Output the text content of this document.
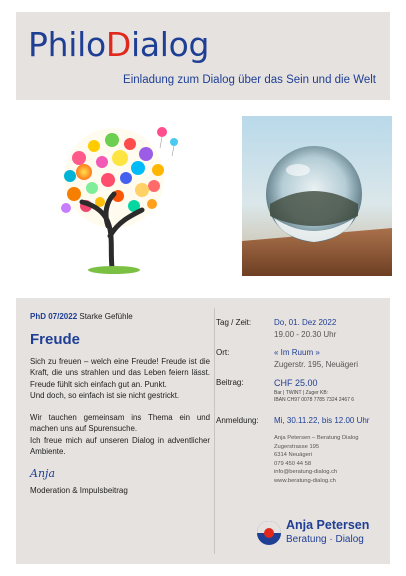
PhiloDialog
Einladung zum Dialog über das Sein und die Welt
PhD 07/2022 Starke Gefühle
Freude

Sich zu freuen – welch eine Freude! Freude ist die Kraft, die uns strahlen und das Leben feiern lässt. Freude fühlt sich einfach gut an. Punkt.

Und doch, so einfach ist sie nicht gestrickt.

Wir tauchen gemeinsam ins Thema ein und machen uns auf Spurensuche.

Ich freue mich auf unseren Dialog in adventlicher Ambiente.

Anja
Moderation & Impulsbeitrag
Tag / Zeit:	Do, 01. Dez 2022
19.00 - 20.30 Uhr
Ort:	« Im Ruum »
Zugerstr. 195, Neuägeri
Beitrag:	CHF 25.00
Bar | TWINT | Zuger KB:
IBAN CH97 0078 7785 7324 2467 6
Anmeldung: Mi, 30.11.22, bis 12.00 Uhr
Anja Petersen – Beratung Dialog
Zugerstrasse 195
6314 Neuägeri
079 450 44 58
info@beratung-dialog.ch
www.beratung-dialog.ch
Anja Petersen
Beratung · Dialog
